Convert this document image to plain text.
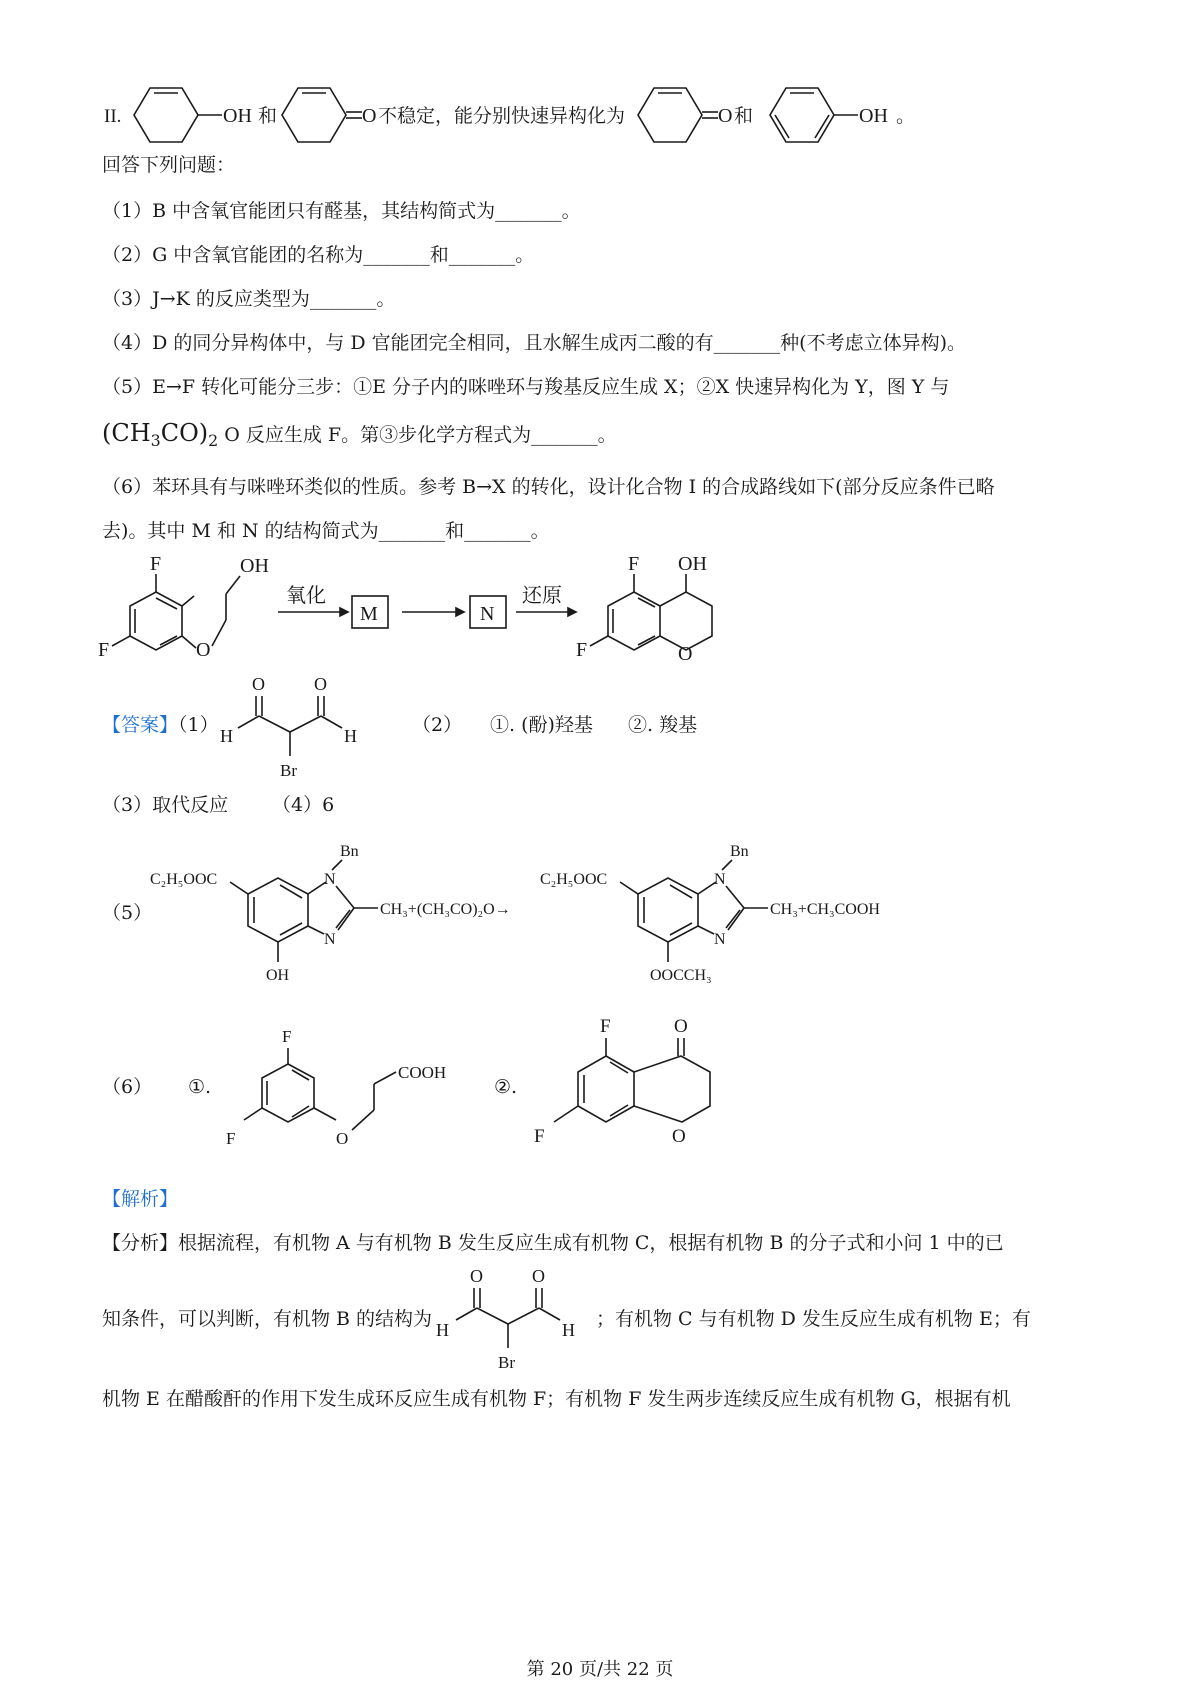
II.	OH 和	O 不稳定，能分别快速异构化为	O 和	OH 。
回答下列问题：
（1）B 中含氧官能团只有醛基，其结构简式为_______。
（2）G 中含氧官能团的名称为_______和_______。
（3）J→K 的反应类型为_______。
（4）D 的同分异构体中，与 D 官能团完全相同，且水解生成丙二酸的有_______种(不考虑立体异构)。
（5）E→F 转化可能分三步：①E 分子内的咪唑环与羧基反应生成 X；②X 快速异构化为 Y，图 Y 与
$(CH_3CO)_2$ O 反应生成 F。第③步化学方程式为_______。
（6）苯环具有与咪唑环类似的性质。参考 B→X 的转化，设计化合物 I 的合成路线如下(部分反应条件已略
去)。其中 M 和 N 的结构简式为_______和_______。
F
F	O
OH
氧化
M	N
还原
F OH
F	O
【答案】（1）
O	O
H	H
Br
（2） ①. (酚)羟基 ②. 羧基
（3）取代反应 （4）6
（5）
C₂H₅OOC	N
Bn
N
CH₃+(CH₃CO)₂O→
OH
C₂H₅OOC	N
Bn
N
CH₃+CH₃COOH
OOCCH₃
（6） ①.
F
F	O
COOH
②.
F	O
F	O
【解析】
【分析】根据流程，有机物 A 与有机物 B 发生反应生成有机物 C，根据有机物 B 的分子式和小问 1 中的已
知条件，可以判断，有机物 B 的结构为
O	O
H	H
Br
；有机物 C 与有机物 D 发生反应生成有机物 E；有
机物 E 在醋酸酐的作用下发生成环反应生成有机物 F；有机物 F 发生两步连续反应生成有机物 G，根据有机
第 20 页/共 22 页
